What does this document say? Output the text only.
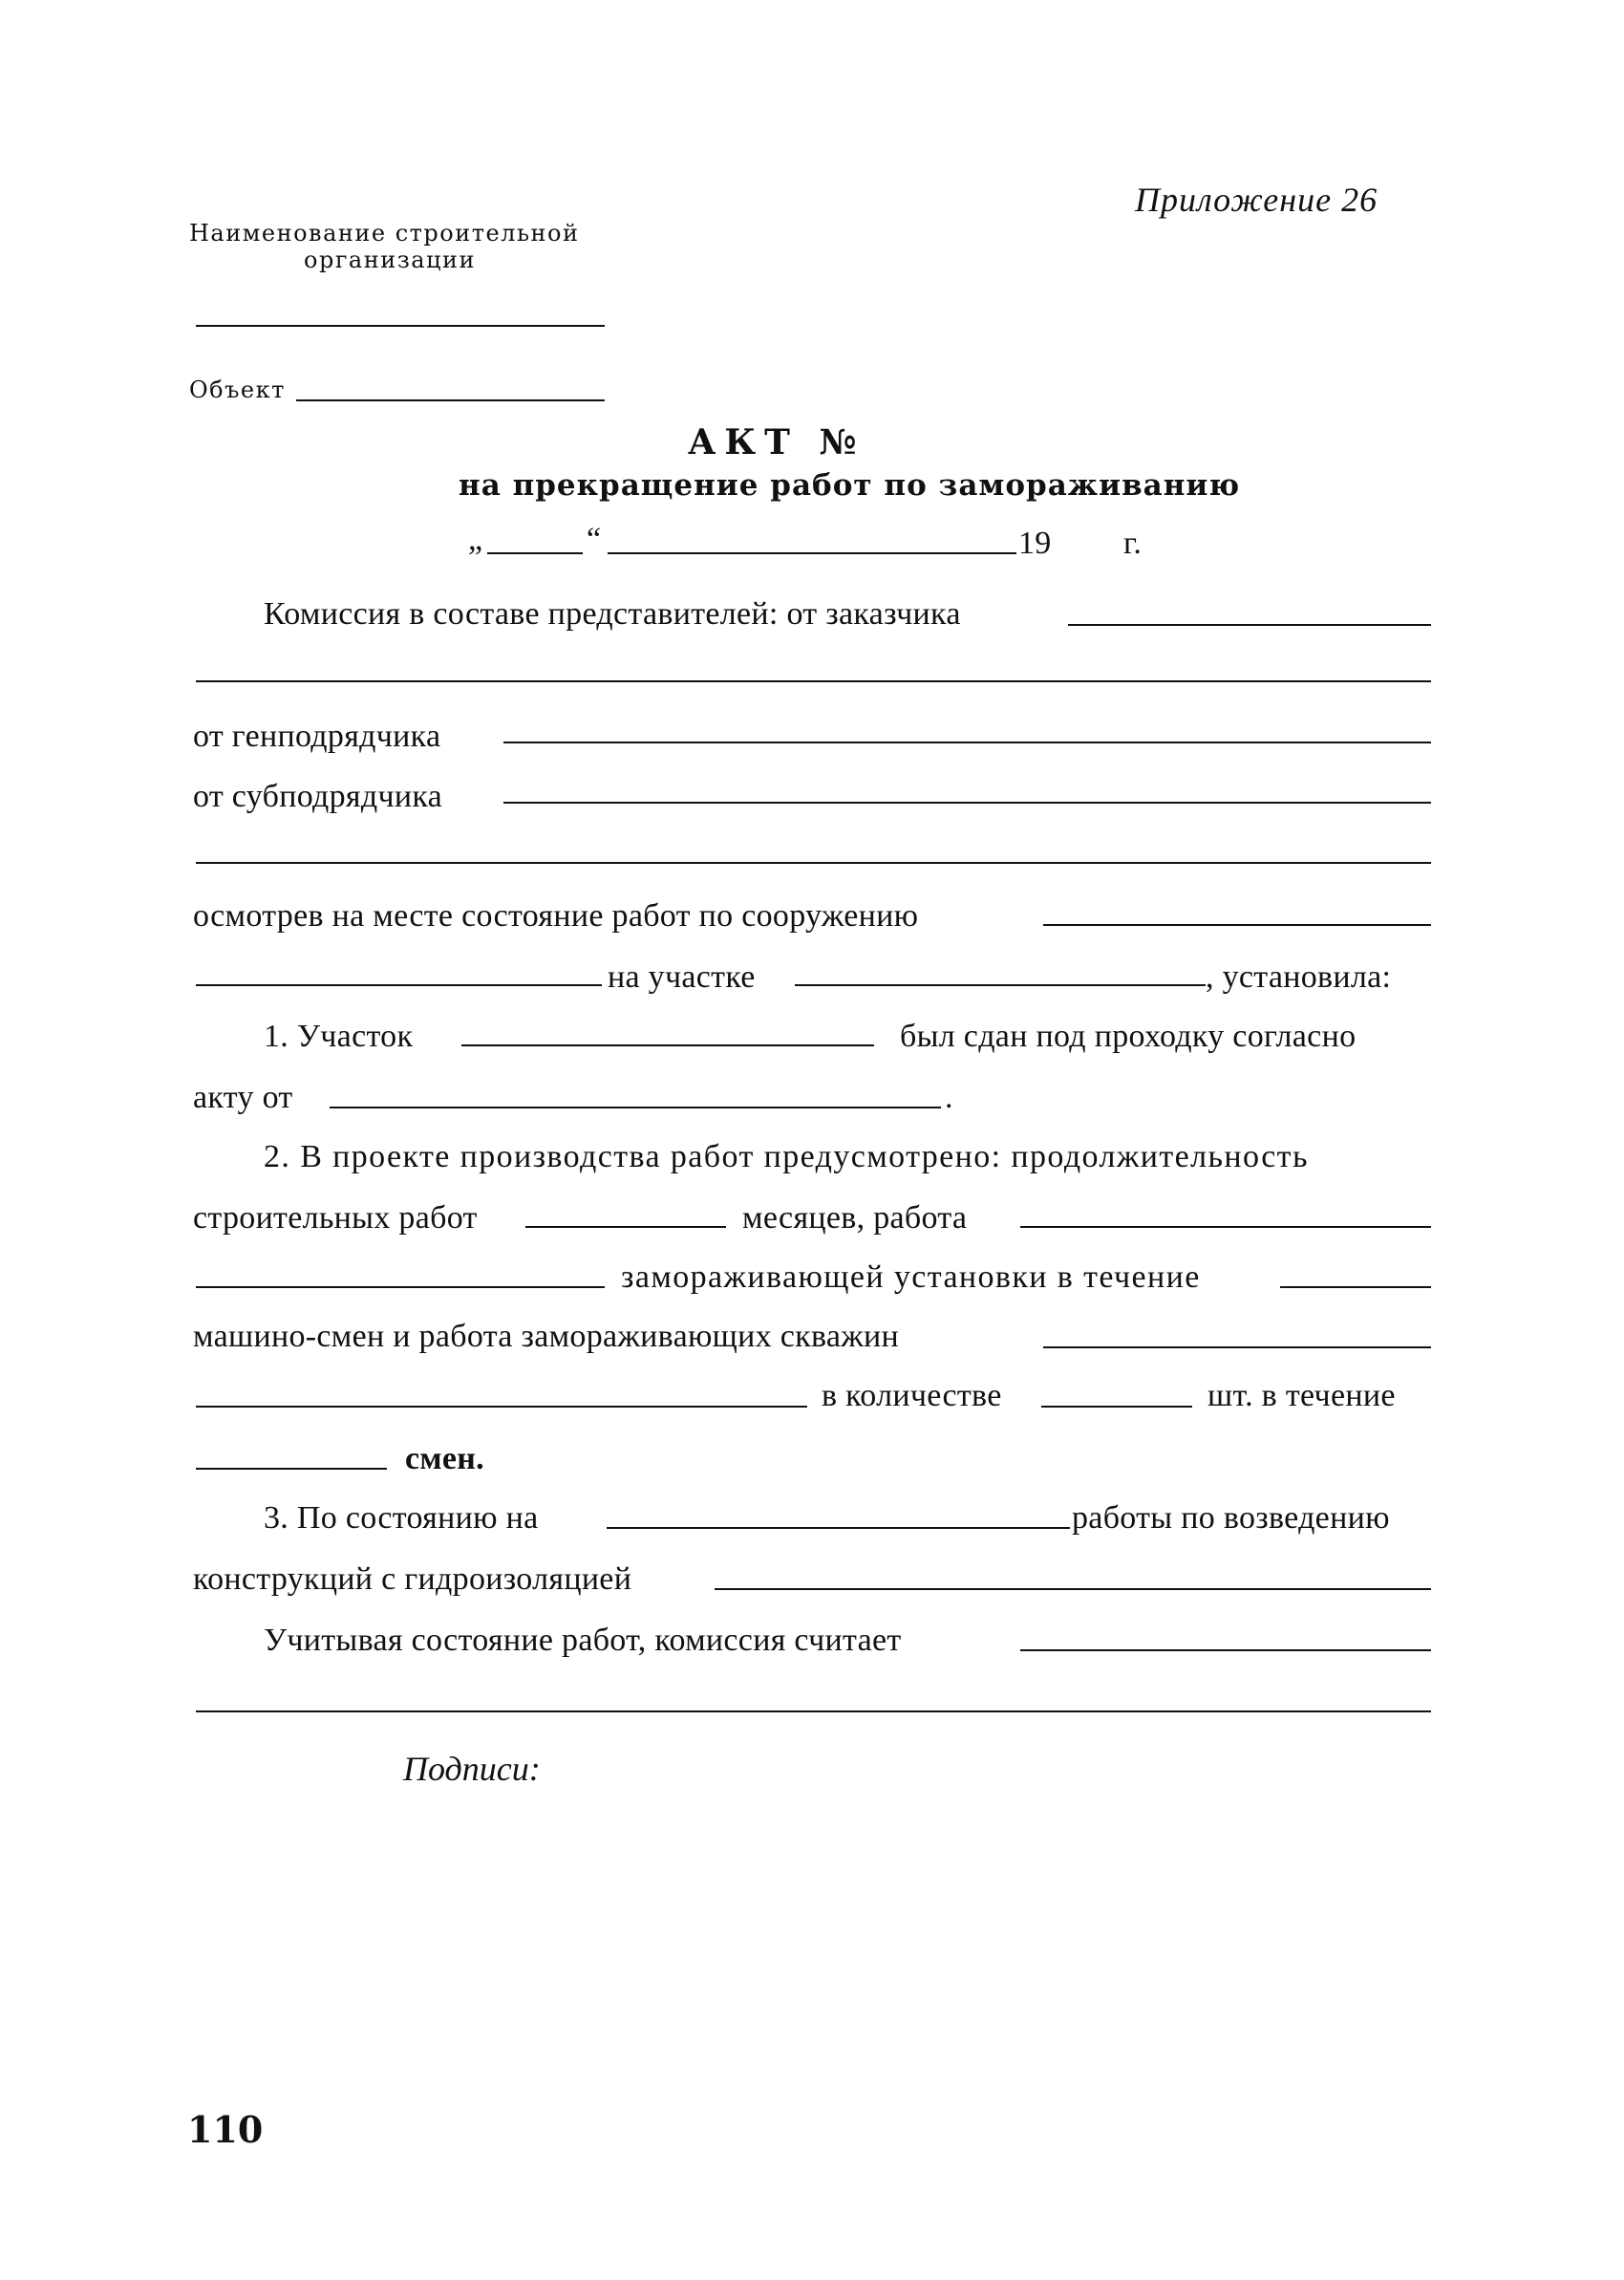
Приложение 26
Наименование строительной
организации
Объект
АКТ №
на прекращение работ по замораживанию
„	“	19 г.
Комиссия в составе представителей: от заказчика
от генподрядчика
от субподрядчика
осмотрев на месте состояние работ по сооружению
на участке	, установила:
1. Участок	был сдан под проходку согласно
акту от	.
2. В проекте производства работ предусмотрено: продолжительность
строительных работ	месяцев, работа
замораживающей установки в течение
машино-смен и работа замораживающих скважин
в количестве	шт. в течение
смен.
3. По состоянию на	работы по возведению
конструкций с гидроизоляцией
Учитывая состояние работ, комиссия считает
Подписи:
110
